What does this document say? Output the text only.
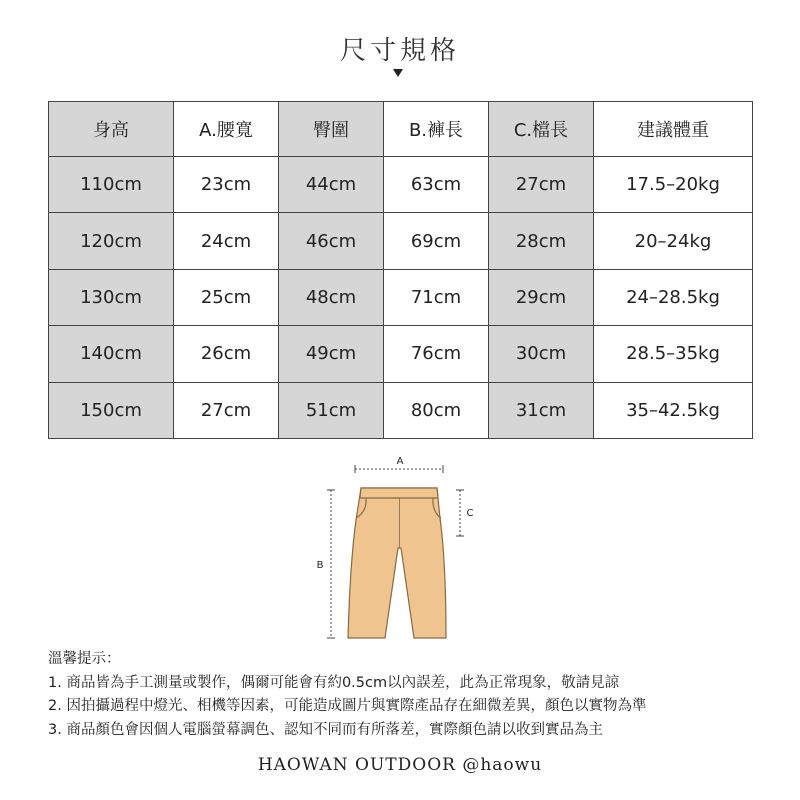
尺寸規格
身高	A.腰寬	臀圍	B.褲長	C.檔長	建議體重
110cm	23cm	44cm	63cm	27cm	17.5–20kg
120cm	24cm	46cm	69cm	28cm	20–24kg
130cm	25cm	48cm	71cm	29cm	24–28.5kg
140cm	26cm	49cm	76cm	30cm	28.5–35kg
150cm	27cm	51cm	80cm	31cm	35–42.5kg
A
B
C
溫馨提示：
1. 商品皆為手工測量或製作，偶爾可能會有約0.5cm以內誤差，此為正常現象，敬請見諒
2. 因拍攝過程中燈光、相機等因素，可能造成圖片與實際產品存在細微差異，顏色以實物為準
3. 商品顏色會因個人電腦螢幕調色、認知不同而有所落差，實際顏色請以收到實品為主
HAOWAN OUTDOOR @haowu
